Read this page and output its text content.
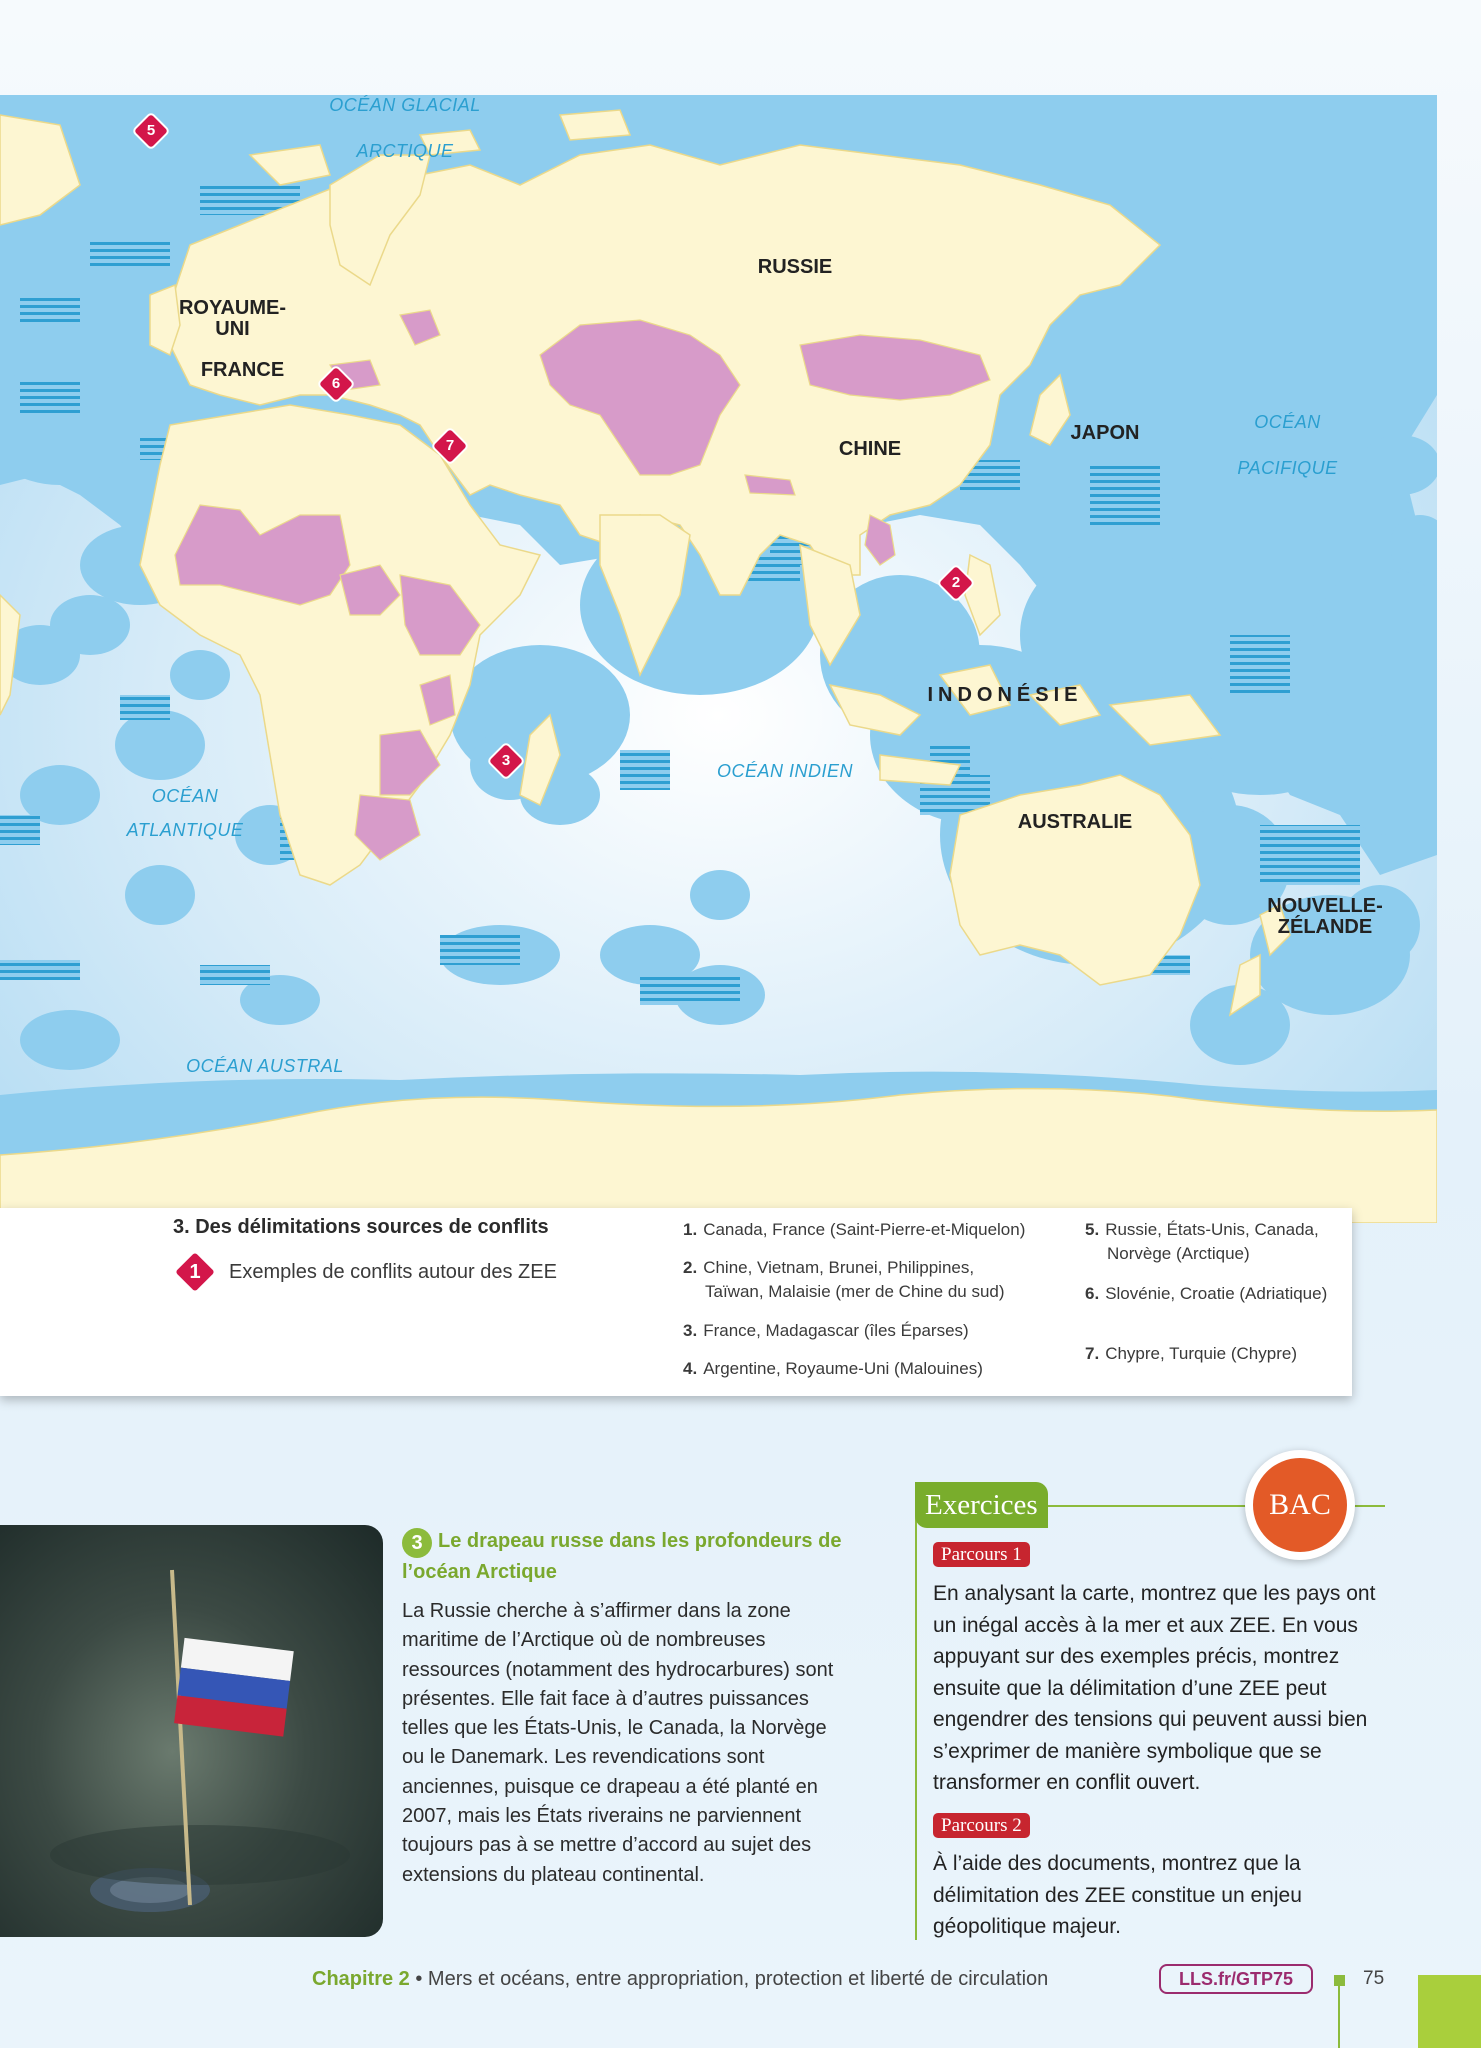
RUSSIE
ROYAUME-
UNI
FRANCE
CHINE
JAPON
INDONÉSIE
AUSTRALIE
NOUVELLE-
ZÉLANDE
OCÉAN GLACIAL ARCTIQUE
OCÉAN
PACIFIQUE
OCÉAN
ATLANTIQUE
OCÉAN INDIEN
OCÉAN AUSTRAL
5
6
7
2
3
3. Des délimitations sources de conflits
1	Exemples de conflits autour des ZEE
1. Canada, France (Saint-Pierre-et-Miquelon)
2. Chine, Vietnam, Brunei, Philippines,
Taïwan, Malaisie (mer de Chine du sud)
3. France, Madagascar (îles Éparses)
4. Argentine, Royaume-Uni (Malouines)
5. Russie, États-Unis, Canada,
Norvège (Arctique)
6. Slovénie, Croatie (Adriatique)
7. Chypre, Turquie (Chypre)
3 Le drapeau russe dans les profondeurs de l’océan Arctique
La Russie cherche à s’affirmer dans la zone maritime de l’Arctique où de nombreuses ressources (notamment des hydrocarbures) sont présentes. Elle fait face à d’autres puissances telles que les États-Unis, le Canada, la Norvège ou le Danemark. Les revendications sont anciennes, puisque ce drapeau a été planté en 2007, mais les États riverains ne parviennent toujours pas à se mettre d’accord au sujet des extensions du plateau continental.
Exercices	BAC
Parcours 1
En analysant la carte, montrez que les pays ont un inégal accès à la mer et aux ZEE. En vous appuyant sur des exemples précis, montrez ensuite que la délimitation d’une ZEE peut engendrer des tensions qui peuvent aussi bien s’exprimer de manière symbolique que se transformer en conflit ouvert.
Parcours 2
À l’aide des documents, montrez que la délimitation des ZEE constitue un enjeu géopolitique majeur.
Chapitre 2 • Mers et océans, entre appropriation, protection et liberté de circulation	LLS.fr/GTP75	75
